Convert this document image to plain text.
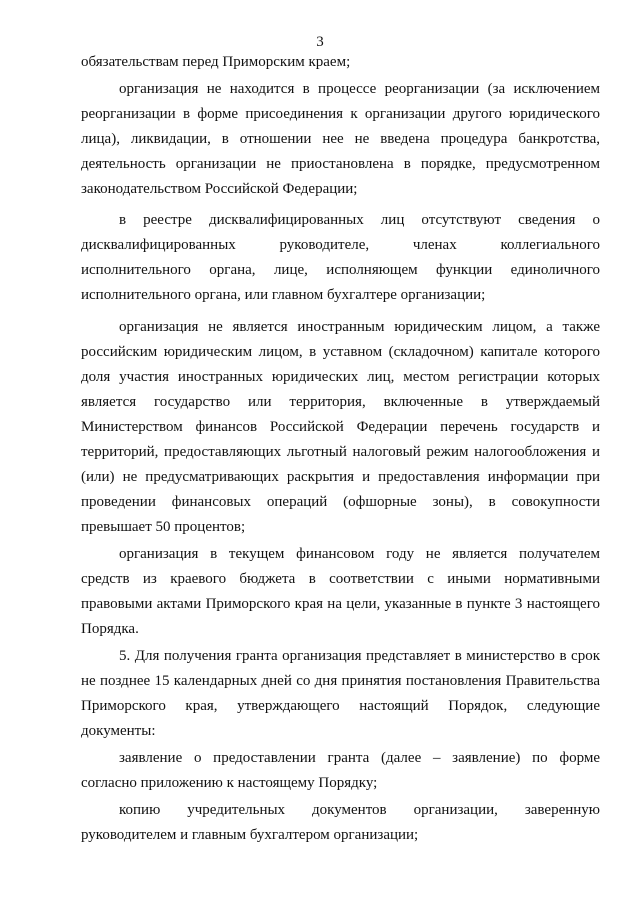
3
обязательствам перед Приморским краем;
организация не находится в процессе реорганизации (за исключением
реорганизации в форме присоединения к организации другого юридического
лица), ликвидации, в отношении нее не введена процедура банкротства,
деятельность организации не приостановлена в порядке, предусмотренном
законодательством Российской Федерации;
в реестре дисквалифицированных лиц отсутствуют сведения о
дисквалифицированных руководителе, членах коллегиального
исполнительного органа, лице, исполняющем функции единоличного
исполнительного органа, или главном бухгалтере организации;
организация не является иностранным юридическим лицом, а также
российским юридическим лицом, в уставном (складочном) капитале которого
доля участия иностранных юридических лиц, местом регистрации которых
является государство или территория, включенные в утверждаемый
Министерством финансов Российской Федерации перечень государств и
территорий, предоставляющих льготный налоговый режим налогообложения и
(или) не предусматривающих раскрытия и предоставления информации при
проведении финансовых операций (офшорные зоны), в совокупности
превышает 50 процентов;
организация в текущем финансовом году не является получателем
средств из краевого бюджета в соответствии с иными нормативными
правовыми актами Приморского края на цели, указанные в пункте 3 настоящего
Порядка.
5. Для получения гранта организация представляет в министерство в срок
не позднее 15 календарных дней со дня принятия постановления Правительства
Приморского края, утверждающего настоящий Порядок, следующие
документы:
заявление о предоставлении гранта (далее – заявление) по форме
согласно приложению к настоящему Порядку;
копию учредительных документов организации, заверенную
руководителем и главным бухгалтером организации;
